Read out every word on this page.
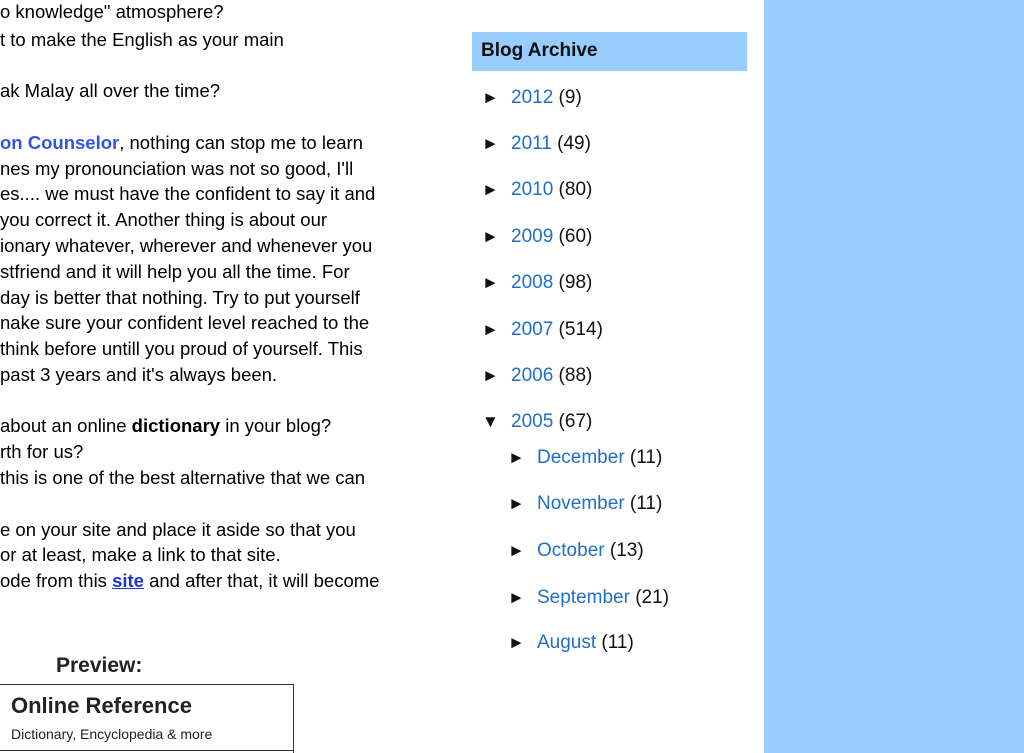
o knowledge" atmosphere?
t to make the English as your main
ak Malay all over the time?
on Counselor, nothing can stop me to learn
nes my pronounciation was not so good, I'll
es.... we must have the confident to say it and
you correct it. Another thing is about our
ionary whatever, wherever and whenever you
stfriend and it will help you all the time. For
day is better that nothing. Try to put yourself
nake sure your confident level reached to the
think before untill you proud of yourself. This
past 3 years and it's always been.
about an online dictionary in your blog?
rth for us?
this is one of the best alternative that we can
e on your site and place it aside so that you
or at least, make a link to that site.
ode from this site and after that, it will become
Preview:
Online Reference
Dictionary, Encyclopedia & more
Blog Archive
► 2012 (9)
► 2011 (49)
► 2010 (80)
► 2009 (60)
► 2008 (98)
► 2007 (514)
► 2006 (88)
▼ 2005 (67)
► December (11)
► November (11)
► October (13)
► September (21)
► August (11)
